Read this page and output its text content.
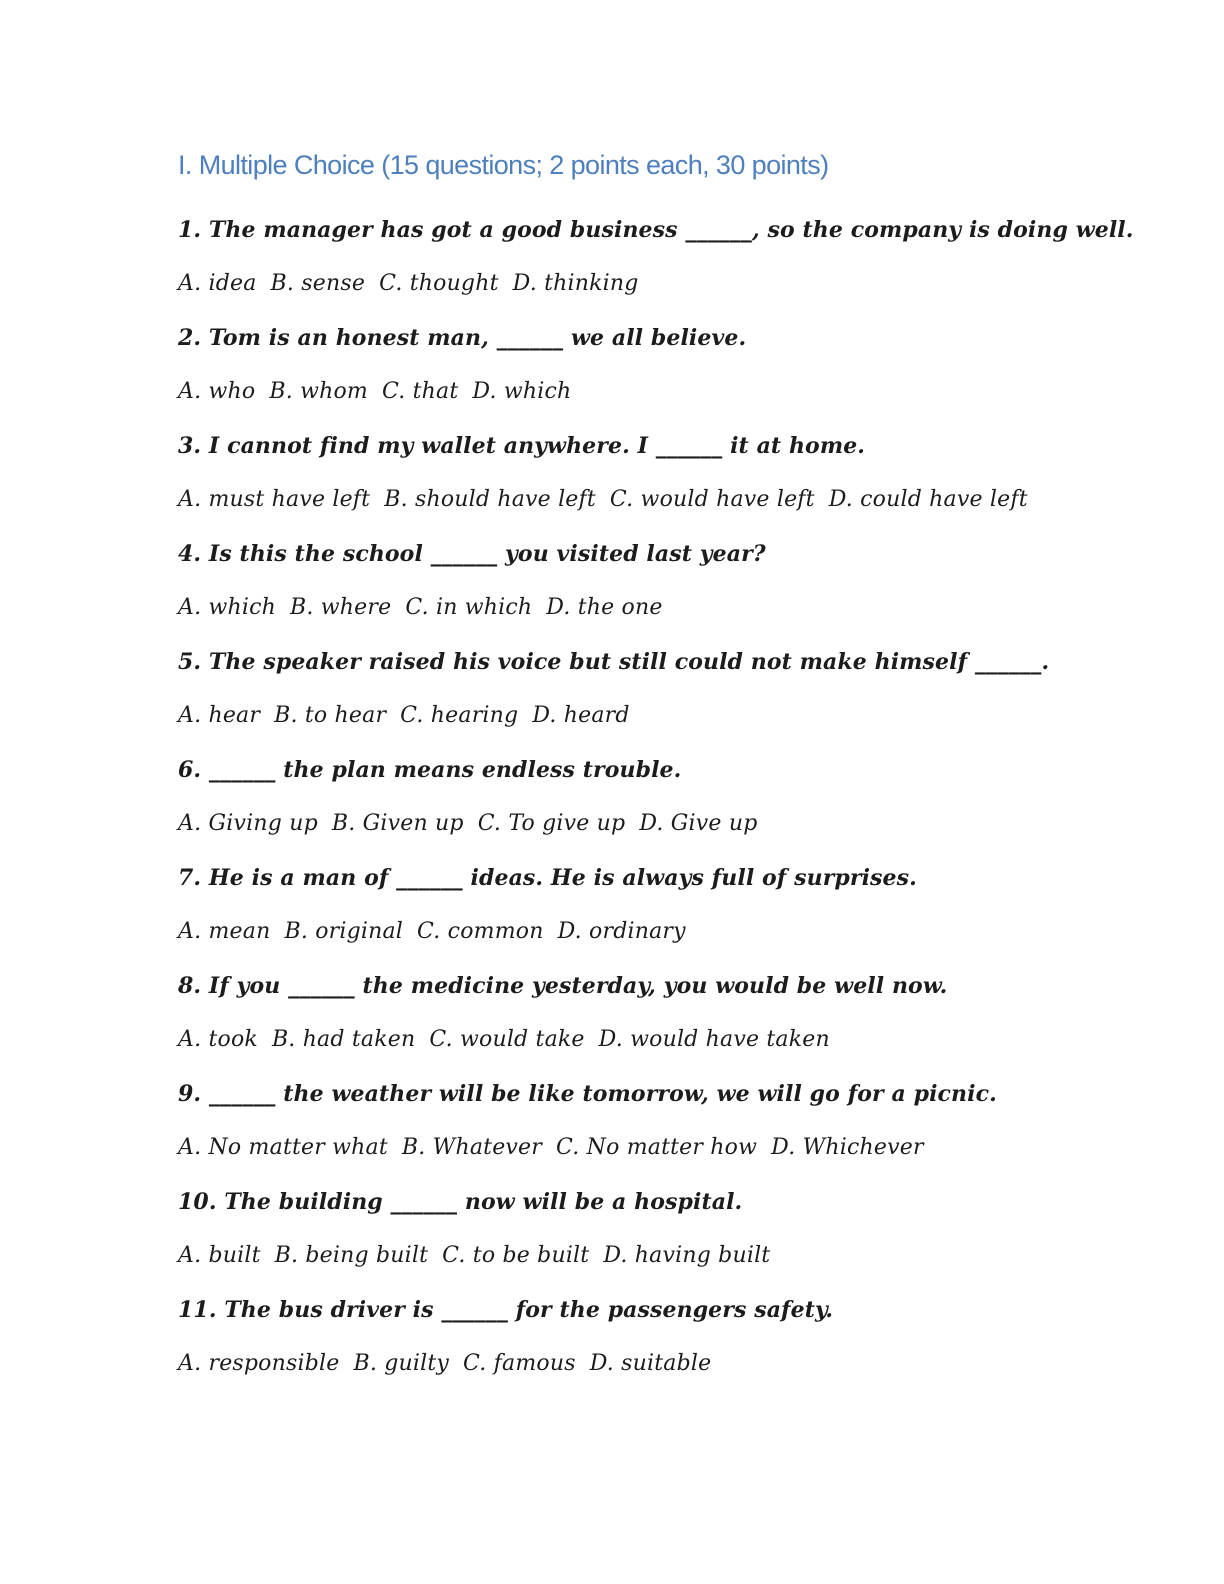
I. Multiple Choice (15 questions; 2 points each, 30 points)
1. The manager has got a good business ______, so the company is doing well.
A. idea B. sense C. thought D. thinking
2. Tom is an honest man, ______ we all believe.
A. who B. whom C. that D. which
3. I cannot find my wallet anywhere. I ______ it at home.
A. must have left B. should have left C. would have left D. could have left
4. Is this the school ______ you visited last year?
A. which B. where C. in which D. the one
5. The speaker raised his voice but still could not make himself ______.
A. hear B. to hear C. hearing D. heard
6. ______ the plan means endless trouble.
A. Giving up B. Given up C. To give up D. Give up
7. He is a man of ______ ideas. He is always full of surprises.
A. mean B. original C. common D. ordinary
8. If you ______ the medicine yesterday, you would be well now.
A. took B. had taken C. would take D. would have taken
9. ______ the weather will be like tomorrow, we will go for a picnic.
A. No matter what B. Whatever C. No matter how D. Whichever
10. The building ______ now will be a hospital.
A. built B. being built C. to be built D. having built
11. The bus driver is ______ for the passengers safety.
A. responsible B. guilty C. famous D. suitable
